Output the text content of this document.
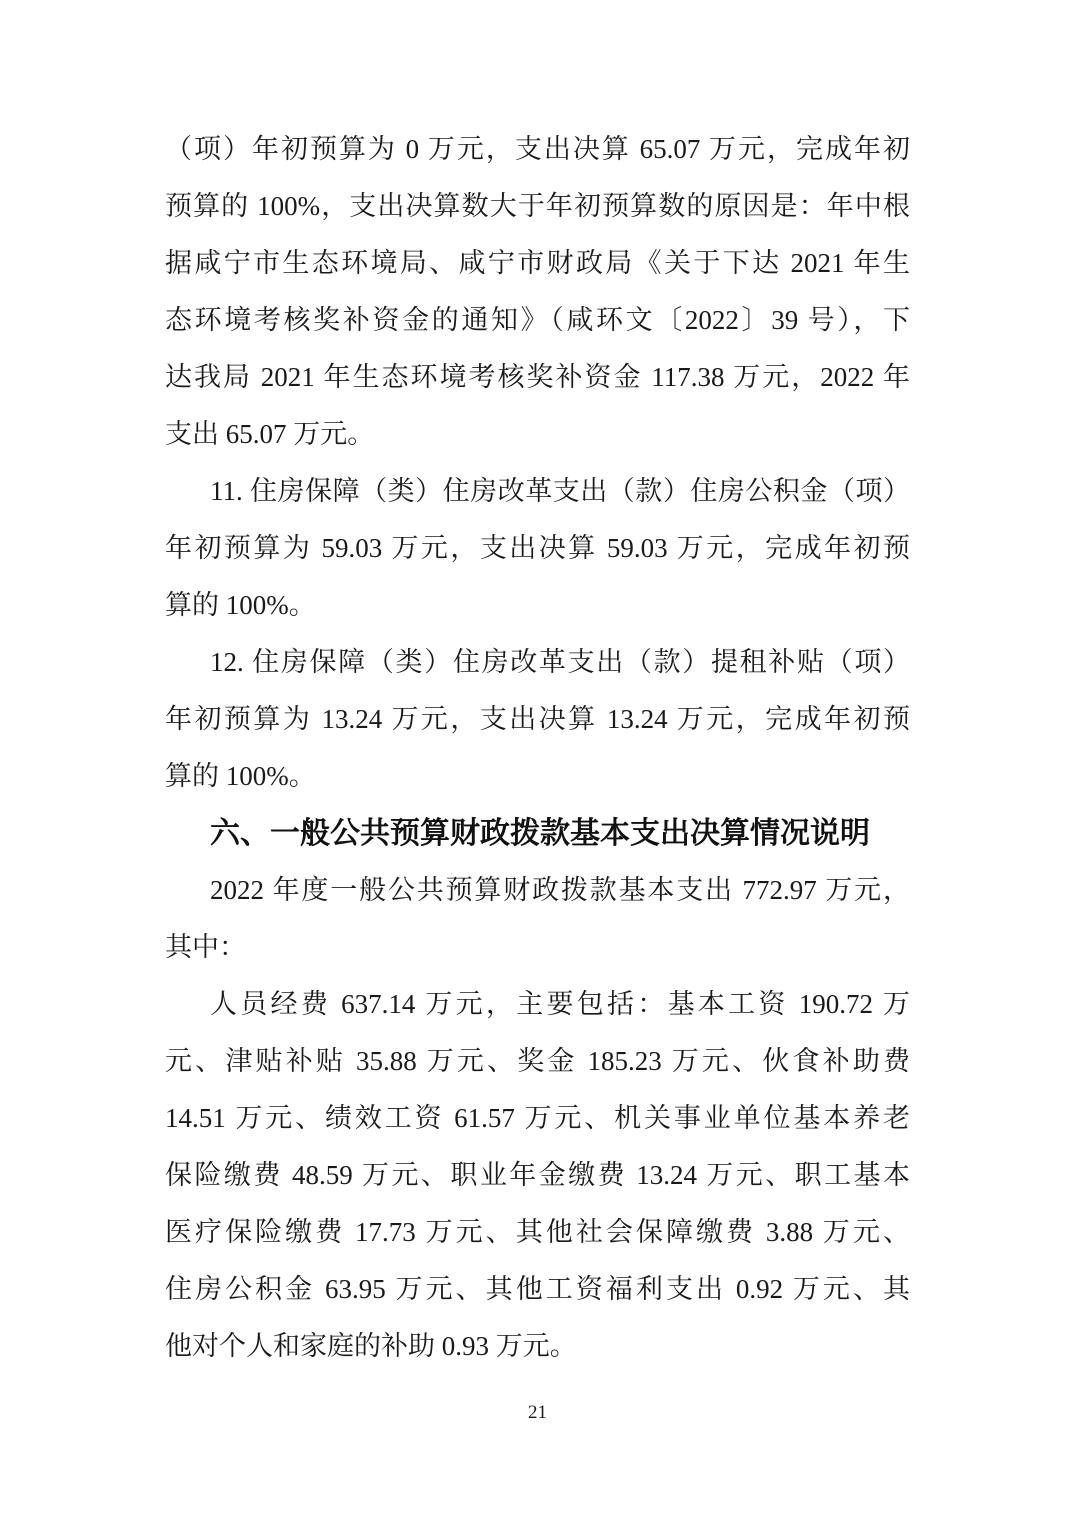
（项）年初预算为 0 万元，支出决算 65.07 万元，完成年初
预算的 100%，支出决算数大于年初预算数的原因是：年中根
据咸宁市生态环境局、咸宁市财政局《关于下达 2021 年生
态环境考核奖补资金的通知》（咸环文〔2022〕39 号），下
达我局 2021 年生态环境考核奖补资金 117.38 万元，2022 年
支出 65.07 万元。
11. 住房保障（类）住房改革支出（款）住房公积金（项）
年初预算为 59.03 万元，支出决算 59.03 万元，完成年初预
算的 100%。
12. 住房保障（类）住房改革支出（款）提租补贴（项）
年初预算为 13.24 万元，支出决算 13.24 万元，完成年初预
算的 100%。
六、一般公共预算财政拨款基本支出决算情况说明
2022 年度一般公共预算财政拨款基本支出 772.97 万元，
其中：
人员经费 637.14 万元，主要包括：基本工资 190.72 万
元、津贴补贴 35.88 万元、奖金 185.23 万元、伙食补助费
14.51 万元、绩效工资 61.57 万元、机关事业单位基本养老
保险缴费 48.59 万元、职业年金缴费 13.24 万元、职工基本
医疗保险缴费 17.73 万元、其他社会保障缴费 3.88 万元、
住房公积金 63.95 万元、其他工资福利支出 0.92 万元、其
他对个人和家庭的补助 0.93 万元。
21
